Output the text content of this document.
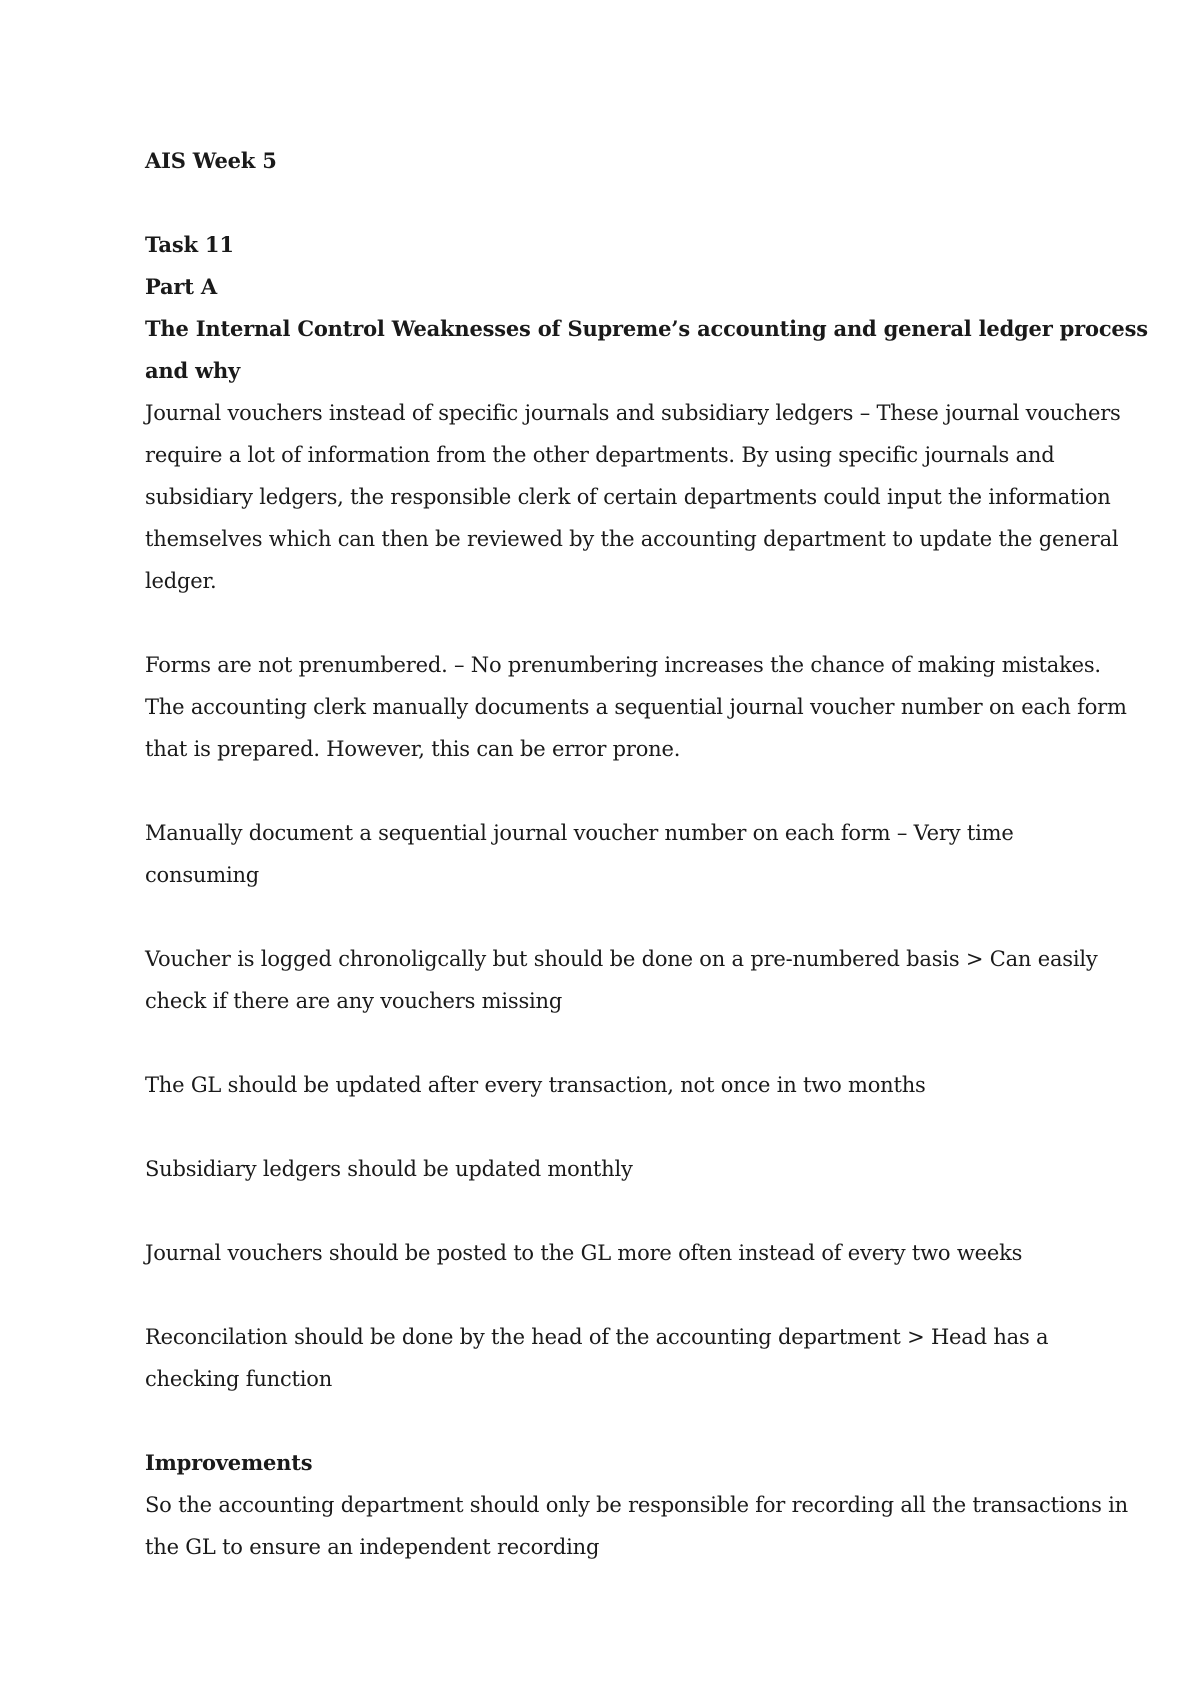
AIS Week 5
Task 11
Part A
The Internal Control Weaknesses of Supreme’s accounting and general ledger process
and why
Journal vouchers instead of specific journals and subsidiary ledgers – These journal vouchers
require a lot of information from the other departments. By using specific journals and
subsidiary ledgers, the responsible clerk of certain departments could input the information
themselves which can then be reviewed by the accounting department to update the general
ledger.
Forms are not prenumbered. – No prenumbering increases the chance of making mistakes.
The accounting clerk manually documents a sequential journal voucher number on each form
that is prepared. However, this can be error prone.
Manually document a sequential journal voucher number on each form – Very time
consuming
Voucher is logged chronoligcally but should be done on a pre-numbered basis > Can easily
check if there are any vouchers missing
The GL should be updated after every transaction, not once in two months
Subsidiary ledgers should be updated monthly
Journal vouchers should be posted to the GL more often instead of every two weeks
Reconcilation should be done by the head of the accounting department > Head has a
checking function
Improvements
So the accounting department should only be responsible for recording all the transactions in
the GL to ensure an independent recording
